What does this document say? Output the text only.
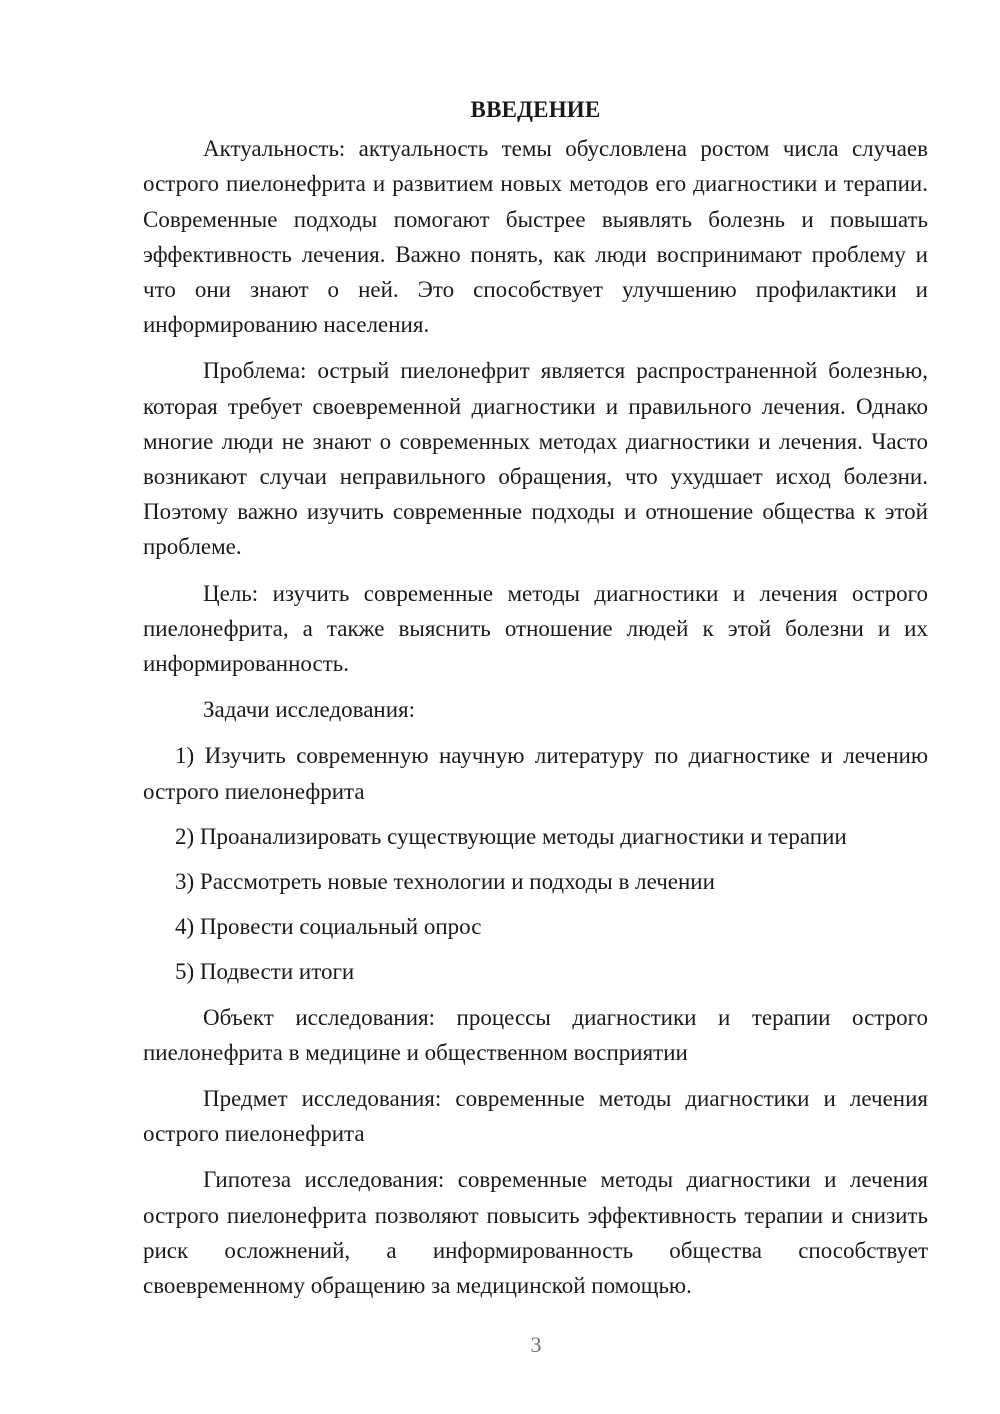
ВВЕДЕНИЕ

Актуальность: актуальность темы обусловлена ростом числа случаев острого пиелонефрита и развитием новых методов его диагностики и терапии. Современные подходы помогают быстрее выявлять болезнь и повышать эффективность лечения. Важно понять, как люди воспринимают проблему и что они знают о ней. Это способствует улучшению профилактики и информированию населения.

Проблема: острый пиелонефрит является распространенной болезнью, которая требует своевременной диагностики и правильного лечения. Однако многие люди не знают о современных методах диагностики и лечения. Часто возникают случаи неправильного обращения, что ухудшает исход болезни. Поэтому важно изучить современные подходы и отношение общества к этой проблеме.

Цель: изучить современные методы диагностики и лечения острого пиелонефрита, а также выяснить отношение людей к этой болезни и их информированность.

Задачи исследования:

1) Изучить современную научную литературу по диагностике и лечению острого пиелонефрита
2) Проанализировать существующие методы диагностики и терапии
3) Рассмотреть новые технологии и подходы в лечении
4) Провести социальный опрос
5) Подвести итоги

Объект исследования: процессы диагностики и терапии острого пиелонефрита в медицине и общественном восприятии

Предмет исследования: современные методы диагностики и лечения острого пиелонефрита

Гипотеза исследования: современные методы диагностики и лечения острого пиелонефрита позволяют повысить эффективность терапии и снизить риск осложнений, а информированность общества способствует своевременному обращению за медицинской помощью.

3
